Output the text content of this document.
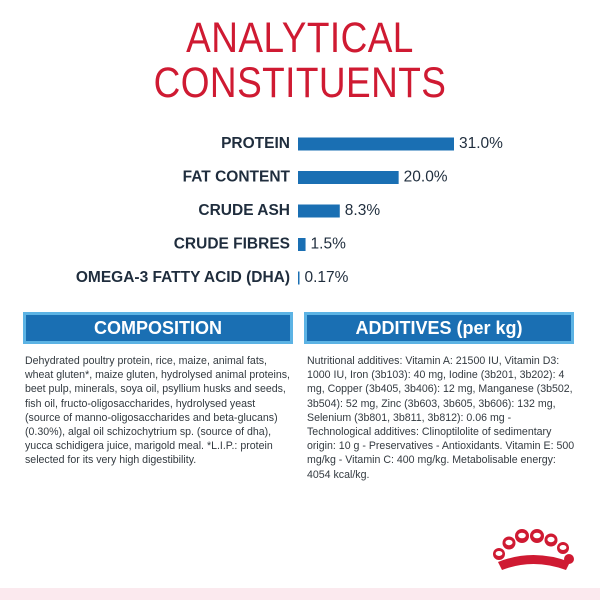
ANALYTICAL
CONSTITUENTS
PROTEIN	31.0%
FAT CONTENT	20.0%
CRUDE ASH	8.3%
CRUDE FIBRES 1.5%
OMEGA-3 FATTY ACID (DHA) 0.17%
COMPOSITION	ADDITIVES (per kg)
Dehydrated poultry protein, rice, maize, animal fats, wheat gluten*, maize gluten, hydrolysed animal proteins, beet pulp, minerals, soya oil, psyllium husks and seeds, fish oil, fructo-oligosaccharides, hydrolysed yeast (source of manno-oligosaccharides and beta-glucans) (0.30%), algal oil schizochytrium sp. (source of dha), yucca schidigera juice, marigold meal. *L.I.P.: protein selected for its very high digestibility.
Nutritional additives: Vitamin A: 21500 IU, Vitamin D3: 1000 IU, Iron (3b103): 40 mg, Iodine (3b201, 3b202): 4 mg, Copper (3b405, 3b406): 12 mg, Manganese (3b502, 3b504): 52 mg, Zinc (3b603, 3b605, 3b606): 132 mg, Selenium (3b801, 3b811, 3b812): 0.06 mg - Technological additives: Clinoptilolite of sedimentary origin: 10 g - Preservatives - Antioxidants. Vitamin E: 500 mg/kg - Vitamin C: 400 mg/kg. Metabolisable energy: 4054 kcal/kg.
